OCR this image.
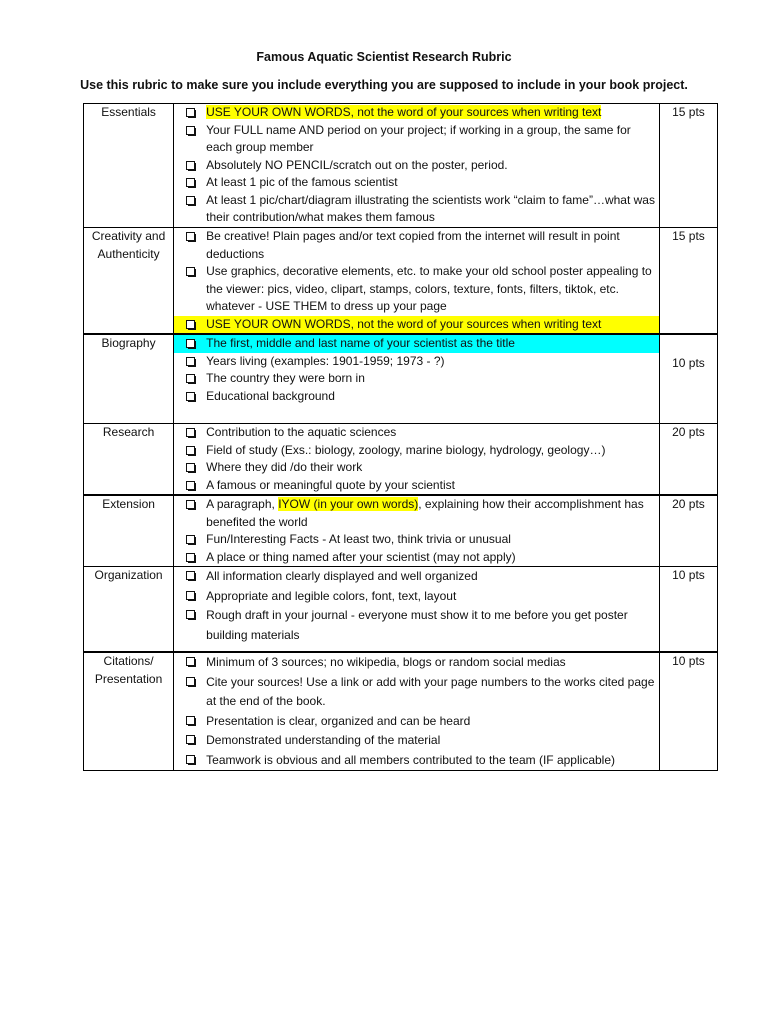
Famous Aquatic Scientist Research Rubric
Use this rubric to make sure you include everything you are supposed to include in your book project.
Essentials	USE YOUR OWN WORDS, not the word of your sources when writing text
Your FULL name AND period on your project; if working in a group, the same for each group member
Absolutely NO PENCIL/scratch out on the poster, period.
At least 1 pic of the famous scientist
At least 1 pic/chart/diagram illustrating the scientists work “claim to fame”…what was their contribution/what makes them famous	15 pts
Creativity and Authenticity	Be creative! Plain pages and/or text copied from the internet will result in point deductions
Use graphics, decorative elements, etc. to make your old school poster appealing to the viewer: pics, video, clipart, stamps, colors, texture, fonts, filters, tiktok, etc. whatever - USE THEM to dress up your page
USE YOUR OWN WORDS, not the word of your sources when writing text	15 pts
Biography	The first, middle and last name of your scientist as the title
Years living (examples: 1901-1959; 1973 - ?)
The country they were born in
Educational background	10 pts
Research	Contribution to the aquatic sciences
Field of study (Exs.: biology, zoology, marine biology, hydrology, geology…)
Where they did /do their work
A famous or meaningful quote by your scientist	20 pts
Extension	A paragraph, IYOW (in your own words), explaining how their accomplishment has benefited the world
Fun/Interesting Facts - At least two, think trivia or unusual
A place or thing named after your scientist (may not apply)	20 pts
Organization	All information clearly displayed and well organized
Appropriate and legible colors, font, text, layout
Rough draft in your journal - everyone must show it to me before you get poster building materials	10 pts
Citations/ Presentation	Minimum of 3 sources; no wikipedia, blogs or random social medias
Cite your sources! Use a link or add with your page numbers to the works cited page at the end of the book.
Presentation is clear, organized and can be heard
Demonstrated understanding of the material
Teamwork is obvious and all members contributed to the team (IF applicable)	10 pts
